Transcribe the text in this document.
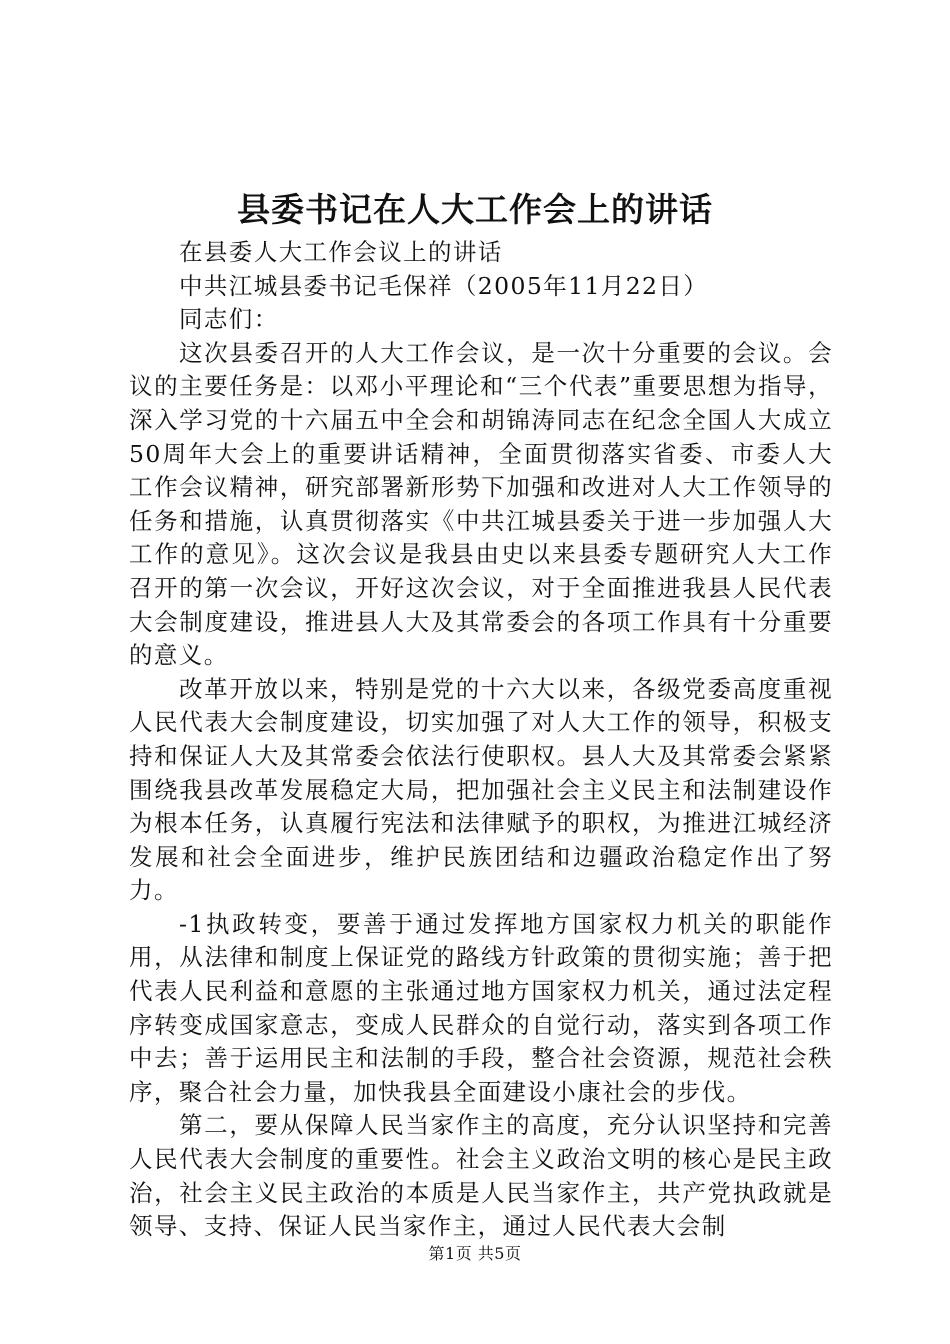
县委书记在人大工作会上的讲话
在县委人大工作会议上的讲话
中共江城县委书记毛保祥（2005年11月22日）
同志们：

这次县委召开的人大工作会议，是一次十分重要的会议。会议的主要任务是：以邓小平理论和“三个代表”重要思想为指导，深入学习党的十六届五中全会和胡锦涛同志在纪念全国人大成立50周年大会上的重要讲话精神，全面贯彻落实省委、市委人大工作会议精神，研究部署新形势下加强和改进对人大工作领导的任务和措施，认真贯彻落实《中共江城县委关于进一步加强人大工作的意见》。这次会议是我县由史以来县委专题研究人大工作召开的第一次会议，开好这次会议，对于全面推进我县人民代表大会制度建设，推进县人大及其常委会的各项工作具有十分重要的意义。

改革开放以来，特别是党的十六大以来，各级党委高度重视人民代表大会制度建设，切实加强了对人大工作的领导，积极支持和保证人大及其常委会依法行使职权。县人大及其常委会紧紧围绕我县改革发展稳定大局，把加强社会主义民主和法制建设作为根本任务，认真履行宪法和法律赋予的职权，为推进江城经济发展和社会全面进步，维护民族团结和边疆政治稳定作出了努力。

-1执政转变，要善于通过发挥地方国家权力机关的职能作用，从法律和制度上保证党的路线方针政策的贯彻实施；善于把代表人民利益和意愿的主张通过地方国家权力机关，通过法定程序转变成国家意志，变成人民群众的自觉行动，落实到各项工作中去；善于运用民主和法制的手段，整合社会资源，规范社会秩序，聚合社会力量，加快我县全面建设小康社会的步伐。

第二，要从保障人民当家作主的高度，充分认识坚持和完善人民代表大会制度的重要性。社会主义政治文明的核心是民主政治，社会主义民主政治的本质是人民当家作主，共产党执政就是领导、支持、保证人民当家作主，通过人民代表大会制

第1页 共5页
